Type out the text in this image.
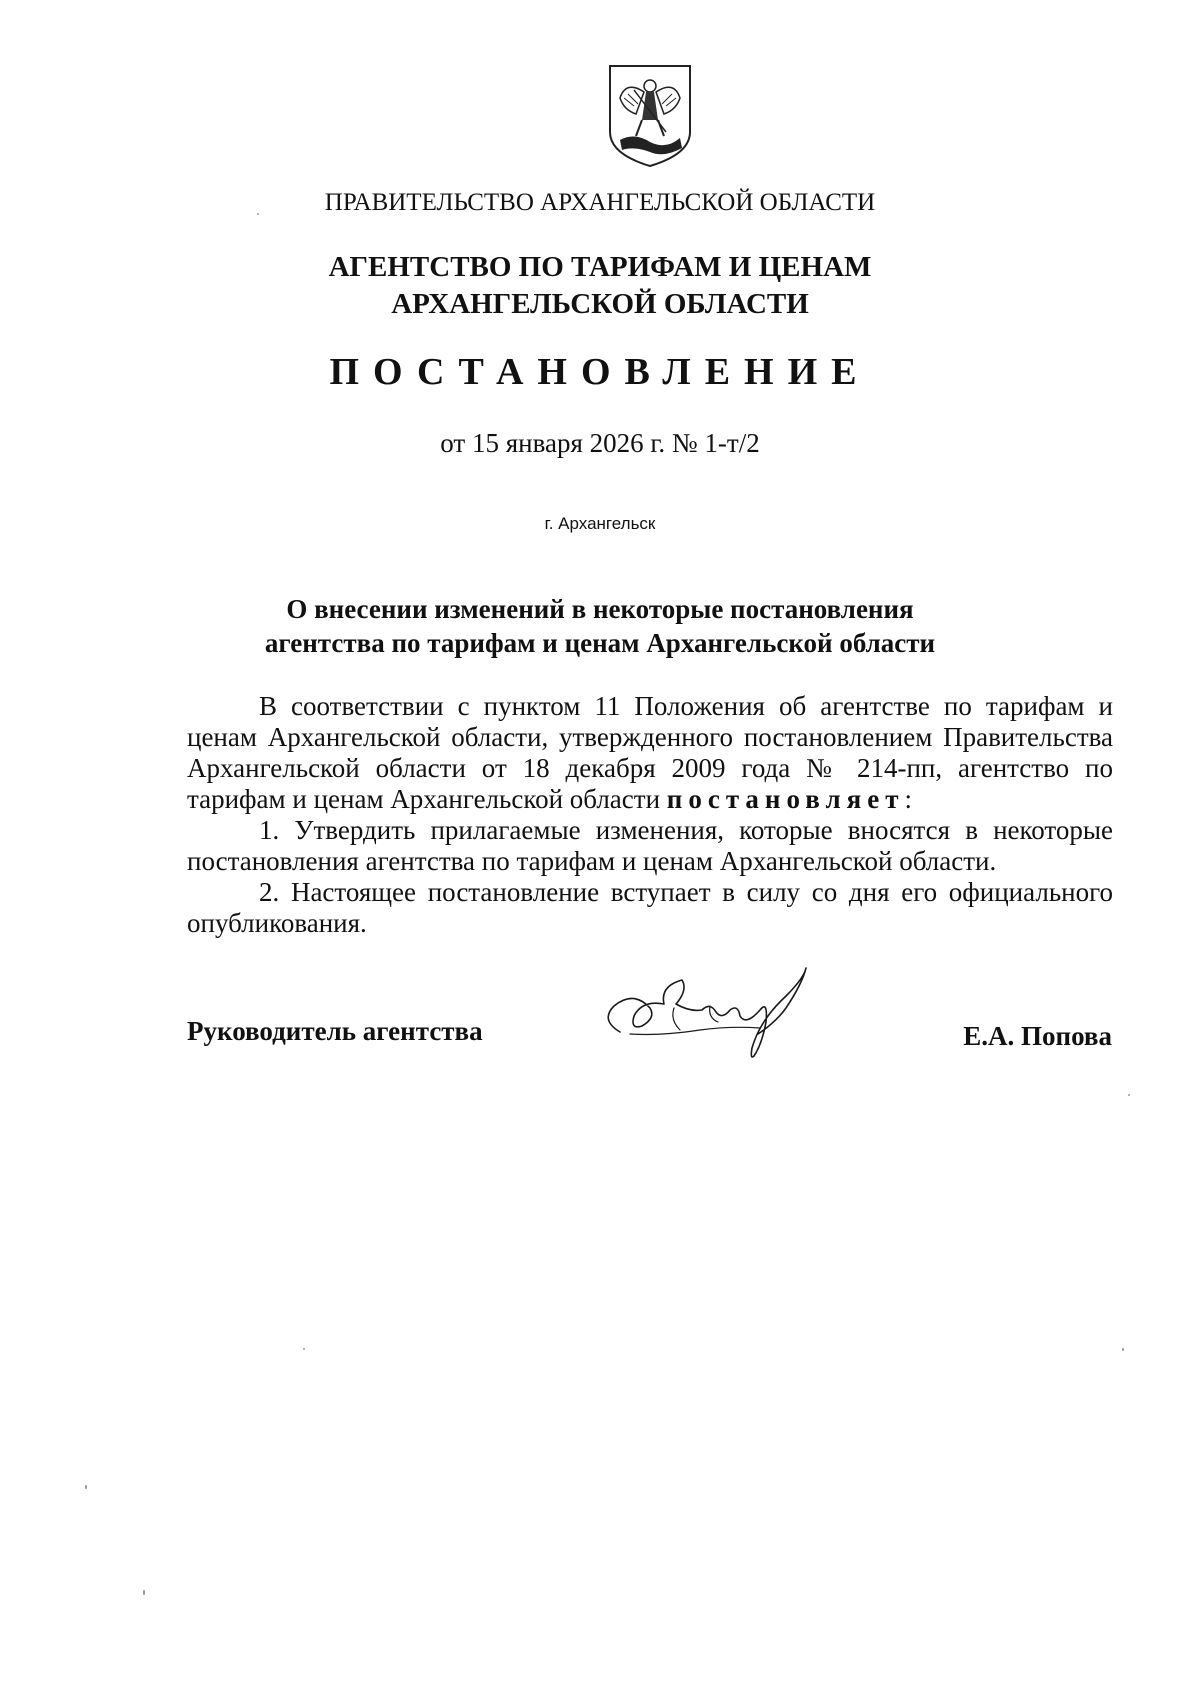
ПРАВИТЕЛЬСТВО АРХАНГЕЛЬСКОЙ ОБЛАСТИ
АГЕНТСТВО ПО ТАРИФАМ И ЦЕНАМ
АРХАНГЕЛЬСКОЙ ОБЛАСТИ
ПОСТАНОВЛЕНИЕ
от 15 января 2026 г. № 1-т/2
г. Архангельск
О внесении изменений в некоторые постановления
агентства по тарифам и ценам Архангельской области

В соответствии с пунктом 11 Положения об агентстве по тарифам и ценам Архангельской области, утвержденного постановлением Правительства Архангельской области от 18 декабря 2009 года № 214-пп, агентство по тарифам и ценам Архангельской области постановляет:

1. Утвердить прилагаемые изменения, которые вносятся в некоторые постановления агентства по тарифам и ценам Архангельской области.

2. Настоящее постановление вступает в силу со дня его официального опубликования.

Руководитель агентства	Е.А. Попова
